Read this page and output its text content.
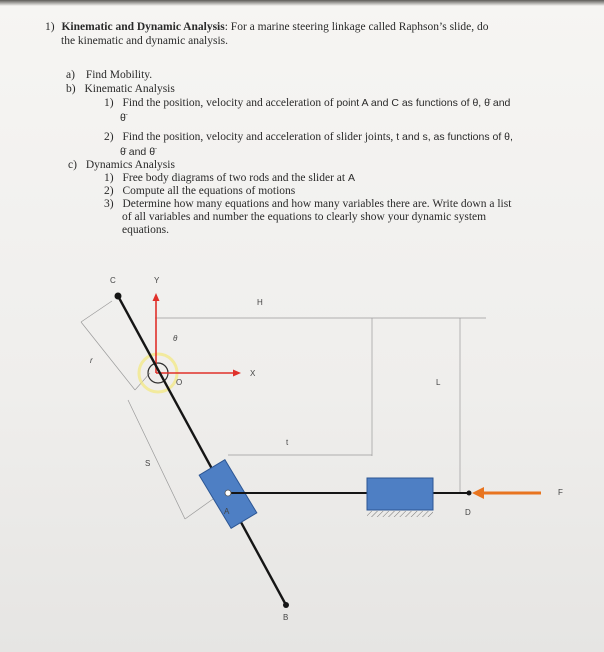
1) Kinematic and Dynamic Analysis: For a marine steering linkage called Raphson’s slide, do
the kinematic and dynamic analysis.
a) Find Mobility.
b) Kinematic Analysis
1) Find the position, velocity and acceleration of point A and C as functions of θ, θ̇ and
θ̈
2) Find the position, velocity and acceleration of slider joints, t and s, as functions of θ,
θ̇ and θ̈
c) Dynamics Analysis
1) Free body diagrams of two rods and the slider at A
2) Compute all the equations of motions
3) Determine how many equations and how many variables there are. Write down a list
of all variables and number the equations to clearly show your dynamic system
equations.
C	Y
H
θ
r
X
O	L
t
S
A	D
F
B
